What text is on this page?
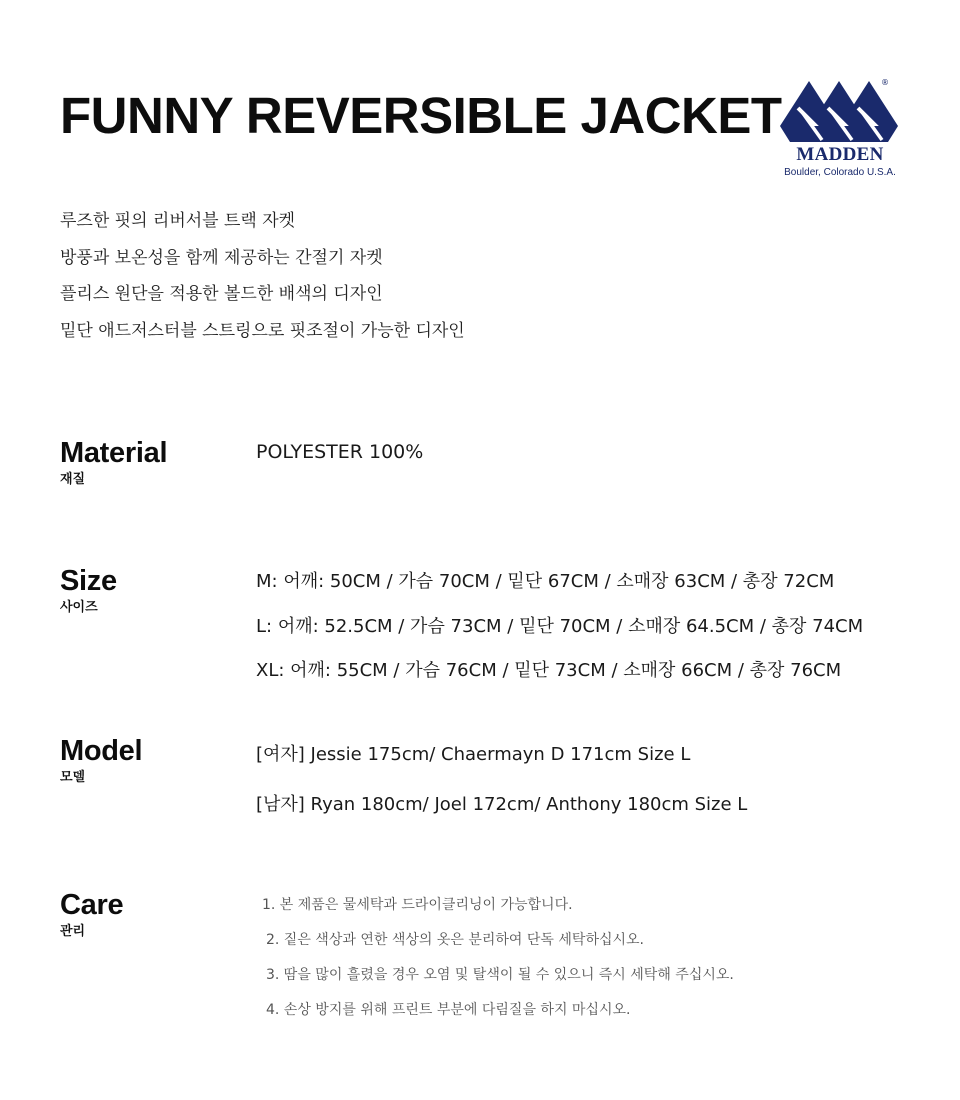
FUNNY REVERSIBLE JACKET
®
MADDEN
Boulder, Colorado U.S.A.
루즈한 핏의 리버서블 트랙 자켓
방풍과 보온성을 함께 제공하는 간절기 자켓
플리스 원단을 적용한 볼드한 배색의 디자인
밑단 애드저스터블 스트링으로 핏조절이 가능한 디자인
Material
재질
POLYESTER 100%
Size
사이즈
M: 어깨: 50CM / 가슴 70CM / 밑단 67CM / 소매장 63CM / 총장 72CM
L: 어깨: 52.5CM / 가슴 73CM / 밑단 70CM / 소매장 64.5CM / 총장 74CM
XL: 어깨: 55CM / 가슴 76CM / 밑단 73CM / 소매장 66CM / 총장 76CM
Model
모델
[여자] Jessie 175cm/ Chaermayn D 171cm Size L
[남자] Ryan 180cm/ Joel 172cm/ Anthony 180cm Size L
Care
관리
1. 본 제품은 물세탁과 드라이클리닝이 가능합니다.
2. 짙은 색상과 연한 색상의 옷은 분리하여 단독 세탁하십시오.
3. 땀을 많이 흘렸을 경우 오염 및 탈색이 될 수 있으니 즉시 세탁해 주십시오.
4. 손상 방지를 위해 프린트 부분에 다림질을 하지 마십시오.
